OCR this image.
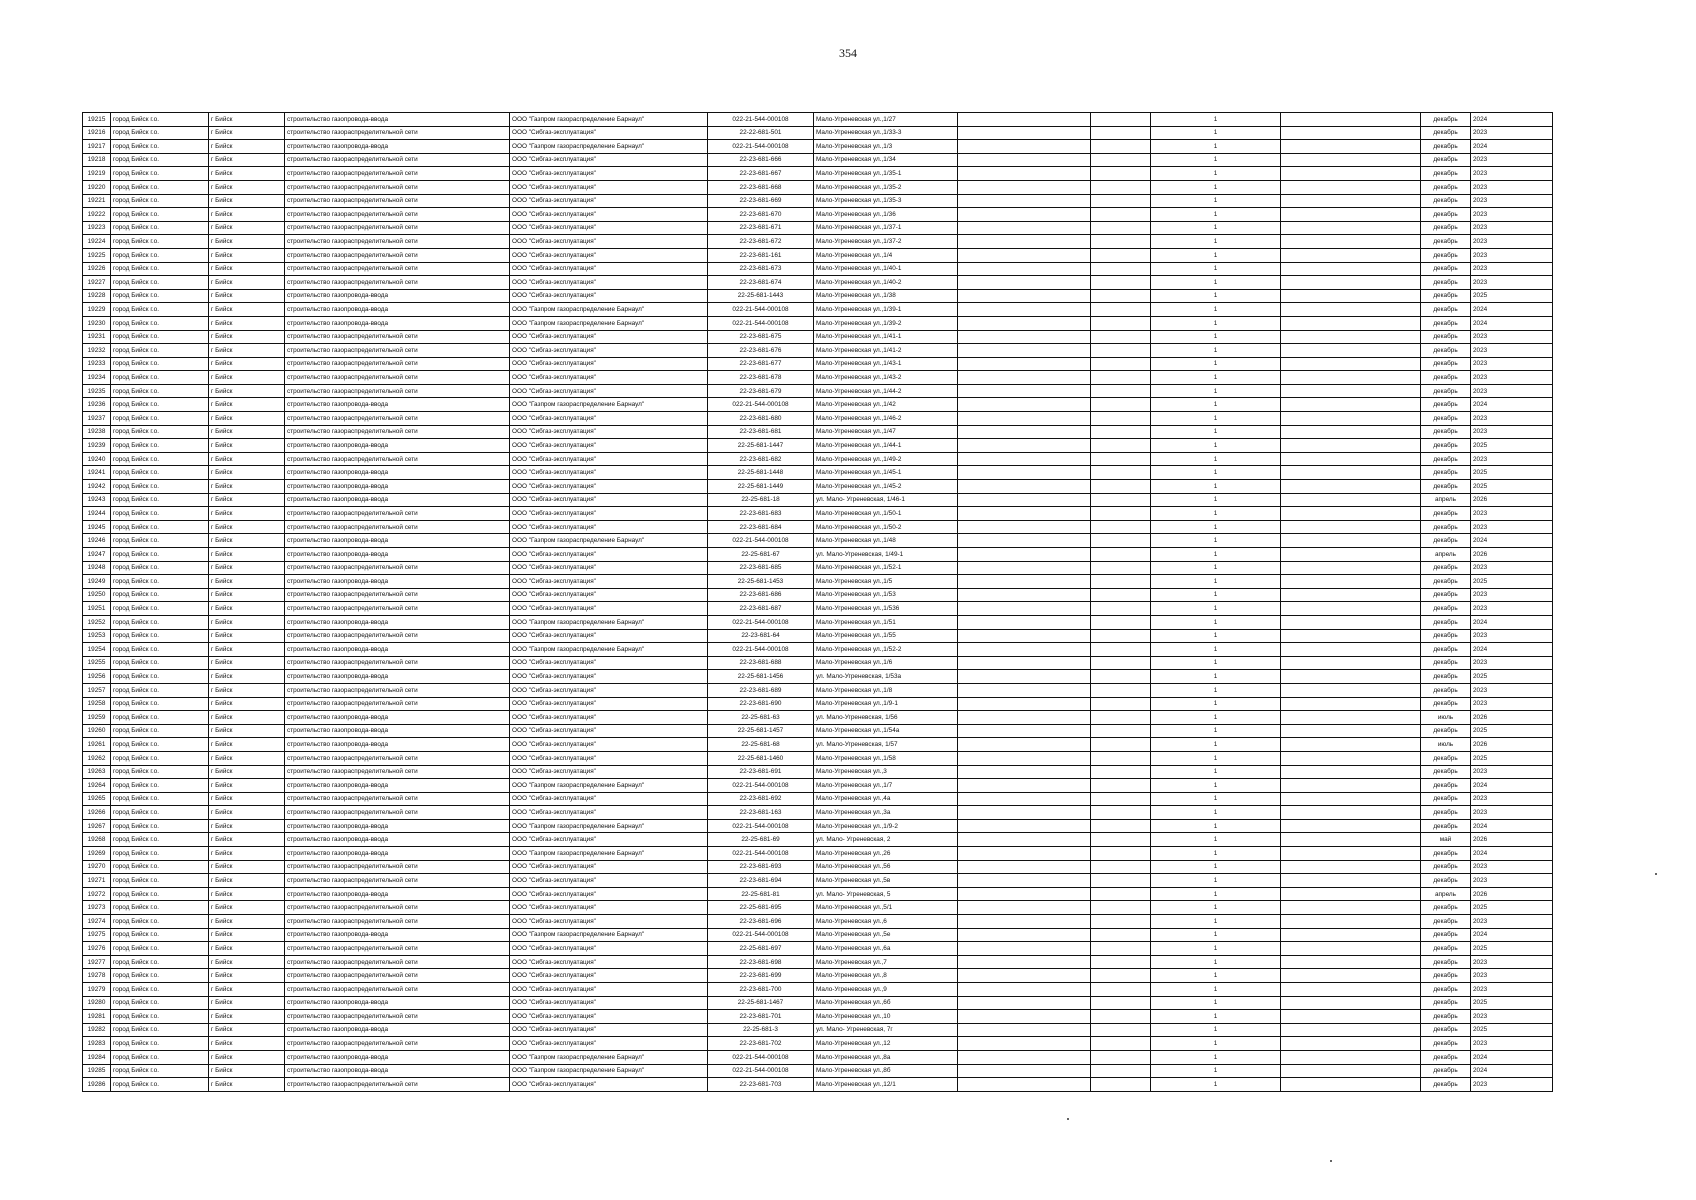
354
19215	город Бийск г.о.	г Бийск	строительство газопровода-ввода	ООО "Газпром газораспределение Барнаул"	022-21-544-000108	Мало-Угреневская ул.,1/27			1		декабрь	2024
19216	город Бийск г.о.	г Бийск	строительство газораспределительной сети	ООО "Сибгаз-эксплуатация"	22-22-681-501	Мало-Угреневская ул.,1/33-3			1		декабрь	2023
19217	город Бийск г.о.	г Бийск	строительство газопровода-ввода	ООО "Газпром газораспределение Барнаул"	022-21-544-000108	Мало-Угреневская ул.,1/3			1		декабрь	2024
19218	город Бийск г.о.	г Бийск	строительство газораспределительной сети	ООО "Сибгаз-эксплуатация"	22-23-681-666	Мало-Угреневская ул.,1/34			1		декабрь	2023
19219	город Бийск г.о.	г Бийск	строительство газораспределительной сети	ООО "Сибгаз-эксплуатация"	22-23-681-667	Мало-Угреневская ул.,1/35-1			1		декабрь	2023
19220	город Бийск г.о.	г Бийск	строительство газораспределительной сети	ООО "Сибгаз-эксплуатация"	22-23-681-668	Мало-Угреневская ул.,1/35-2			1		декабрь	2023
19221	город Бийск г.о.	г Бийск	строительство газораспределительной сети	ООО "Сибгаз-эксплуатация"	22-23-681-669	Мало-Угреневская ул.,1/35-3			1		декабрь	2023
19222	город Бийск г.о.	г Бийск	строительство газораспределительной сети	ООО "Сибгаз-эксплуатация"	22-23-681-670	Мало-Угреневская ул.,1/36			1		декабрь	2023
19223	город Бийск г.о.	г Бийск	строительство газораспределительной сети	ООО "Сибгаз-эксплуатация"	22-23-681-671	Мало-Угреневская ул.,1/37-1			1		декабрь	2023
19224	город Бийск г.о.	г Бийск	строительство газораспределительной сети	ООО "Сибгаз-эксплуатация"	22-23-681-672	Мало-Угреневская ул.,1/37-2			1		декабрь	2023
19225	город Бийск г.о.	г Бийск	строительство газораспределительной сети	ООО "Сибгаз-эксплуатация"	22-23-681-161	Мало-Угреневская ул.,1/4			1		декабрь	2023
19226	город Бийск г.о.	г Бийск	строительство газораспределительной сети	ООО "Сибгаз-эксплуатация"	22-23-681-673	Мало-Угреневская ул.,1/40-1			1		декабрь	2023
19227	город Бийск г.о.	г Бийск	строительство газораспределительной сети	ООО "Сибгаз-эксплуатация"	22-23-681-674	Мало-Угреневская ул.,1/40-2			1		декабрь	2023
19228	город Бийск г.о.	г Бийск	строительство газопровода-ввода	ООО "Сибгаз-эксплуатация"	22-25-681-1443	Мало-Угреневская ул.,1/38			1		декабрь	2025
19229	город Бийск г.о.	г Бийск	строительство газопровода-ввода	ООО "Газпром газораспределение Барнаул"	022-21-544-000108	Мало-Угреневская ул.,1/39-1			1		декабрь	2024
19230	город Бийск г.о.	г Бийск	строительство газопровода-ввода	ООО "Газпром газораспределение Барнаул"	022-21-544-000108	Мало-Угреневская ул.,1/39-2			1		декабрь	2024
19231	город Бийск г.о.	г Бийск	строительство газораспределительной сети	ООО "Сибгаз-эксплуатация"	22-23-681-675	Мало-Угреневская ул.,1/41-1			1		декабрь	2023
19232	город Бийск г.о.	г Бийск	строительство газораспределительной сети	ООО "Сибгаз-эксплуатация"	22-23-681-676	Мало-Угреневская ул.,1/41-2			1		декабрь	2023
19233	город Бийск г.о.	г Бийск	строительство газораспределительной сети	ООО "Сибгаз-эксплуатация"	22-23-681-677	Мало-Угреневская ул.,1/43-1			1		декабрь	2023
19234	город Бийск г.о.	г Бийск	строительство газораспределительной сети	ООО "Сибгаз-эксплуатация"	22-23-681-678	Мало-Угреневская ул.,1/43-2			1		декабрь	2023
19235	город Бийск г.о.	г Бийск	строительство газораспределительной сети	ООО "Сибгаз-эксплуатация"	22-23-681-679	Мало-Угреневская ул.,1/44-2			1		декабрь	2023
19236	город Бийск г.о.	г Бийск	строительство газопровода-ввода	ООО "Газпром газораспределение Барнаул"	022-21-544-000108	Мало-Угреневская ул.,1/42			1		декабрь	2024
19237	город Бийск г.о.	г Бийск	строительство газораспределительной сети	ООО "Сибгаз-эксплуатация"	22-23-681-680	Мало-Угреневская ул.,1/46-2			1		декабрь	2023
19238	город Бийск г.о.	г Бийск	строительство газораспределительной сети	ООО "Сибгаз-эксплуатация"	22-23-681-681	Мало-Угреневская ул.,1/47			1		декабрь	2023
19239	город Бийск г.о.	г Бийск	строительство газопровода-ввода	ООО "Сибгаз-эксплуатация"	22-25-681-1447	Мало-Угреневская ул.,1/44-1			1		декабрь	2025
19240	город Бийск г.о.	г Бийск	строительство газораспределительной сети	ООО "Сибгаз-эксплуатация"	22-23-681-682	Мало-Угреневская ул.,1/49-2			1		декабрь	2023
19241	город Бийск г.о.	г Бийск	строительство газопровода-ввода	ООО "Сибгаз-эксплуатация"	22-25-681-1448	Мало-Угреневская ул.,1/45-1			1		декабрь	2025
19242	город Бийск г.о.	г Бийск	строительство газопровода-ввода	ООО "Сибгаз-эксплуатация"	22-25-681-1449	Мало-Угреневская ул.,1/45-2			1		декабрь	2025
19243	город Бийск г.о.	г Бийск	строительство газопровода-ввода	ООО "Сибгаз-эксплуатация"	22-25-681-18	ул. Мало- Угреневская, 1/46-1			1		апрель	2026
19244	город Бийск г.о.	г Бийск	строительство газораспределительной сети	ООО "Сибгаз-эксплуатация"	22-23-681-683	Мало-Угреневская ул.,1/50-1			1		декабрь	2023
19245	город Бийск г.о.	г Бийск	строительство газораспределительной сети	ООО "Сибгаз-эксплуатация"	22-23-681-684	Мало-Угреневская ул.,1/50-2			1		декабрь	2023
19246	город Бийск г.о.	г Бийск	строительство газопровода-ввода	ООО "Газпром газораспределение Барнаул"	022-21-544-000108	Мало-Угреневская ул.,1/48			1		декабрь	2024
19247	город Бийск г.о.	г Бийск	строительство газопровода-ввода	ООО "Сибгаз-эксплуатация"	22-25-681-67	ул. Мало-Угреневская, 1/49-1			1		апрель	2026
19248	город Бийск г.о.	г Бийск	строительство газораспределительной сети	ООО "Сибгаз-эксплуатация"	22-23-681-685	Мало-Угреневская ул.,1/52-1			1		декабрь	2023
19249	город Бийск г.о.	г Бийск	строительство газопровода-ввода	ООО "Сибгаз-эксплуатация"	22-25-681-1453	Мало-Угреневская ул.,1/5			1		декабрь	2025
19250	город Бийск г.о.	г Бийск	строительство газораспределительной сети	ООО "Сибгаз-эксплуатация"	22-23-681-686	Мало-Угреневская ул.,1/53			1		декабрь	2023
19251	город Бийск г.о.	г Бийск	строительство газораспределительной сети	ООО "Сибгаз-эксплуатация"	22-23-681-687	Мало-Угреневская ул.,1/536			1		декабрь	2023
19252	город Бийск г.о.	г Бийск	строительство газопровода-ввода	ООО "Газпром газораспределение Барнаул"	022-21-544-000108	Мало-Угреневская ул.,1/51			1		декабрь	2024
19253	город Бийск г.о.	г Бийск	строительство газораспределительной сети	ООО "Сибгаз-эксплуатация"	22-23-681-64	Мало-Угреневская ул.,1/55			1		декабрь	2023
19254	город Бийск г.о.	г Бийск	строительство газопровода-ввода	ООО "Газпром газораспределение Барнаул"	022-21-544-000108	Мало-Угреневская ул.,1/52-2			1		декабрь	2024
19255	город Бийск г.о.	г Бийск	строительство газораспределительной сети	ООО "Сибгаз-эксплуатация"	22-23-681-688	Мало-Угреневская ул.,1/6			1		декабрь	2023
19256	город Бийск г.о.	г Бийск	строительство газопровода-ввода	ООО "Сибгаз-эксплуатация"	22-25-681-1456	ул. Мало-Угреневская, 1/53а			1		декабрь	2025
19257	город Бийск г.о.	г Бийск	строительство газораспределительной сети	ООО "Сибгаз-эксплуатация"	22-23-681-689	Мало-Угреневская ул.,1/8			1		декабрь	2023
19258	город Бийск г.о.	г Бийск	строительство газораспределительной сети	ООО "Сибгаз-эксплуатация"	22-23-681-690	Мало-Угреневская ул.,1/9-1			1		декабрь	2023
19259	город Бийск г.о.	г Бийск	строительство газопровода-ввода	ООО "Сибгаз-эксплуатация"	22-25-681-63	ул. Мало-Угреневская, 1/56			1		июль	2026
19260	город Бийск г.о.	г Бийск	строительство газопровода-ввода	ООО "Сибгаз-эксплуатация"	22-25-681-1457	Мало-Угреневская ул.,1/54а			1		декабрь	2025
19261	город Бийск г.о.	г Бийск	строительство газопровода-ввода	ООО "Сибгаз-эксплуатация"	22-25-681-68	ул. Мало-Угреневская, 1/57			1		июль	2026
19262	город Бийск г.о.	г Бийск	строительство газораспределительной сети	ООО "Сибгаз-эксплуатация"	22-25-681-1460	Мало-Угреневская ул.,1/58			1		декабрь	2025
19263	город Бийск г.о.	г Бийск	строительство газораспределительной сети	ООО "Сибгаз-эксплуатация"	22-23-681-691	Мало-Угреневская ул.,3			1		декабрь	2023
19264	город Бийск г.о.	г Бийск	строительство газопровода-ввода	ООО "Газпром газораспределение Барнаул"	022-21-544-000108	Мало-Угреневская ул.,1/7			1		декабрь	2024
19265	город Бийск г.о.	г Бийск	строительство газораспределительной сети	ООО "Сибгаз-эксплуатация"	22-23-681-692	Мало-Угреневская ул.,4а			1		декабрь	2023
19266	город Бийск г.о.	г Бийск	строительство газораспределительной сети	ООО "Сибгаз-эксплуатация"	22-23-681-163	Мало-Угреневская ул.,3а			1		декабрь	2023
19267	город Бийск г.о.	г Бийск	строительство газопровода-ввода	ООО "Газпром газораспределение Барнаул"	022-21-544-000108	Мало-Угреневская ул.,1/9-2			1		декабрь	2024
19268	город Бийск г.о.	г Бийск	строительство газопровода-ввода	ООО "Сибгаз-эксплуатация"	22-25-681-69	ул. Мало- Угреневская, 2			1		май	2026
19269	город Бийск г.о.	г Бийск	строительство газопровода-ввода	ООО "Газпром газораспределение Барнаул"	022-21-544-000108	Мало-Угреневская ул.,26			1		декабрь	2024
19270	город Бийск г.о.	г Бийск	строительство газораспределительной сети	ООО "Сибгаз-эксплуатация"	22-23-681-693	Мало-Угреневская ул.,56			1		декабрь	2023
19271	город Бийск г.о.	г Бийск	строительство газораспределительной сети	ООО "Сибгаз-эксплуатация"	22-23-681-694	Мало-Угреневская ул.,5в			1		декабрь	2023
19272	город Бийск г.о.	г Бийск	строительство газопровода-ввода	ООО "Сибгаз-эксплуатация"	22-25-681-81	ул. Мало- Угреневская, 5			1		апрель	2026
19273	город Бийск г.о.	г Бийск	строительство газораспределительной сети	ООО "Сибгаз-эксплуатация"	22-25-681-695	Мало-Угреневская ул.,5/1			1		декабрь	2025
19274	город Бийск г.о.	г Бийск	строительство газораспределительной сети	ООО "Сибгаз-эксплуатация"	22-23-681-696	Мало-Угреневская ул.,6			1		декабрь	2023
19275	город Бийск г.о.	г Бийск	строительство газопровода-ввода	ООО "Газпром газораспределение Барнаул"	022-21-544-000108	Мало-Угреневская ул.,5е			1		декабрь	2024
19276	город Бийск г.о.	г Бийск	строительство газораспределительной сети	ООО "Сибгаз-эксплуатация"	22-25-681-697	Мало-Угреневская ул.,6а			1		декабрь	2025
19277	город Бийск г.о.	г Бийск	строительство газораспределительной сети	ООО "Сибгаз-эксплуатация"	22-23-681-698	Мало-Угреневская ул.,7			1		декабрь	2023
19278	город Бийск г.о.	г Бийск	строительство газораспределительной сети	ООО "Сибгаз-эксплуатация"	22-23-681-699	Мало-Угреневская ул.,8			1		декабрь	2023
19279	город Бийск г.о.	г Бийск	строительство газораспределительной сети	ООО "Сибгаз-эксплуатация"	22-23-681-700	Мало-Угреневская ул.,9			1		декабрь	2023
19280	город Бийск г.о.	г Бийск	строительство газопровода-ввода	ООО "Сибгаз-эксплуатация"	22-25-681-1467	Мало-Угреневская ул.,6б			1		декабрь	2025
19281	город Бийск г.о.	г Бийск	строительство газораспределительной сети	ООО "Сибгаз-эксплуатация"	22-23-681-701	Мало-Угреневская ул.,10			1		декабрь	2023
19282	город Бийск г.о.	г Бийск	строительство газопровода-ввода	ООО "Сибгаз-эксплуатация"	22-25-681-3	ул. Мало- Угреневская, 7г			1		декабрь	2025
19283	город Бийск г.о.	г Бийск	строительство газораспределительной сети	ООО "Сибгаз-эксплуатация"	22-23-681-702	Мало-Угреневская ул.,12			1		декабрь	2023
19284	город Бийск г.о.	г Бийск	строительство газопровода-ввода	ООО "Газпром газораспределение Барнаул"	022-21-544-000108	Мало-Угреневская ул.,8а			1		декабрь	2024
19285	город Бийск г.о.	г Бийск	строительство газопровода-ввода	ООО "Газпром газораспределение Барнаул"	022-21-544-000108	Мало-Угреневская ул.,8б			1		декабрь	2024
19286	город Бийск г.о.	г Бийск	строительство газораспределительной сети	ООО "Сибгаз-эксплуатация"	22-23-681-703	Мало-Угреневская ул.,12/1			1		декабрь	2023
